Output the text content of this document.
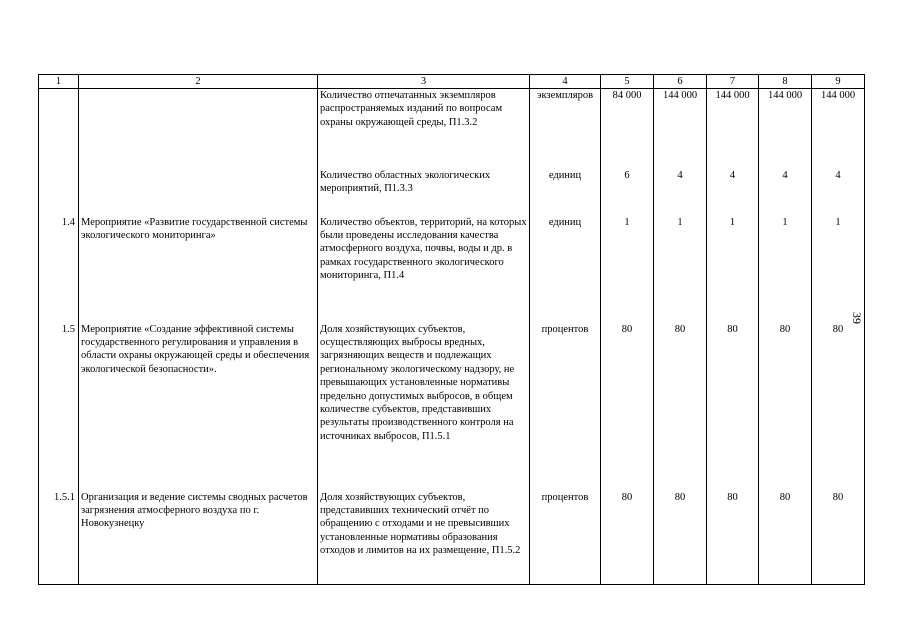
1	2	3	4	5	6	7	8	9
		Количество отпечатанных экземпляров распространяемых изданий по вопросам охраны окружающей среды, П1.3.2	экземпляров	84 000	144 000	144 000	144 000	144 000
		Количество областных экологических мероприятий, П1.3.3	единиц	6	4	4	4	4
1.4	Мероприятие «Развитие государственной системы экологического мониторинга»	Количество объектов, территорий, на которых были проведены исследования качества атмосферного воздуха, почвы, воды и др. в рамках государственного экологического мониторинга, П1.4	единиц	1	1	1	1	1
1.5	Мероприятие «Создание эффективной системы государственного регулирования и управления в области охраны окружающей среды и обеспечения экологической безопасности».	Доля хозяйствующих субъектов, осуществляющих выбросы вредных, загрязняющих веществ и подлежащих региональному экологическому надзору, не превышающих установленные нормативы предельно допустимых выбросов, в общем количестве субъектов, представивших результаты производственного контроля на источниках выбросов, П1.5.1	процентов	80	80	80	80	80
1.5.1	Организация и ведение системы сводных расчетов загрязнения атмосферного воздуха по г. Новокузнецку	Доля хозяйствующих субъектов, представивших технический отчёт по обращению с отходами и не превысивших установленные нормативы образования отходов и лимитов на их размещение, П1.5.2	процентов	80	80	80	80	80
39
